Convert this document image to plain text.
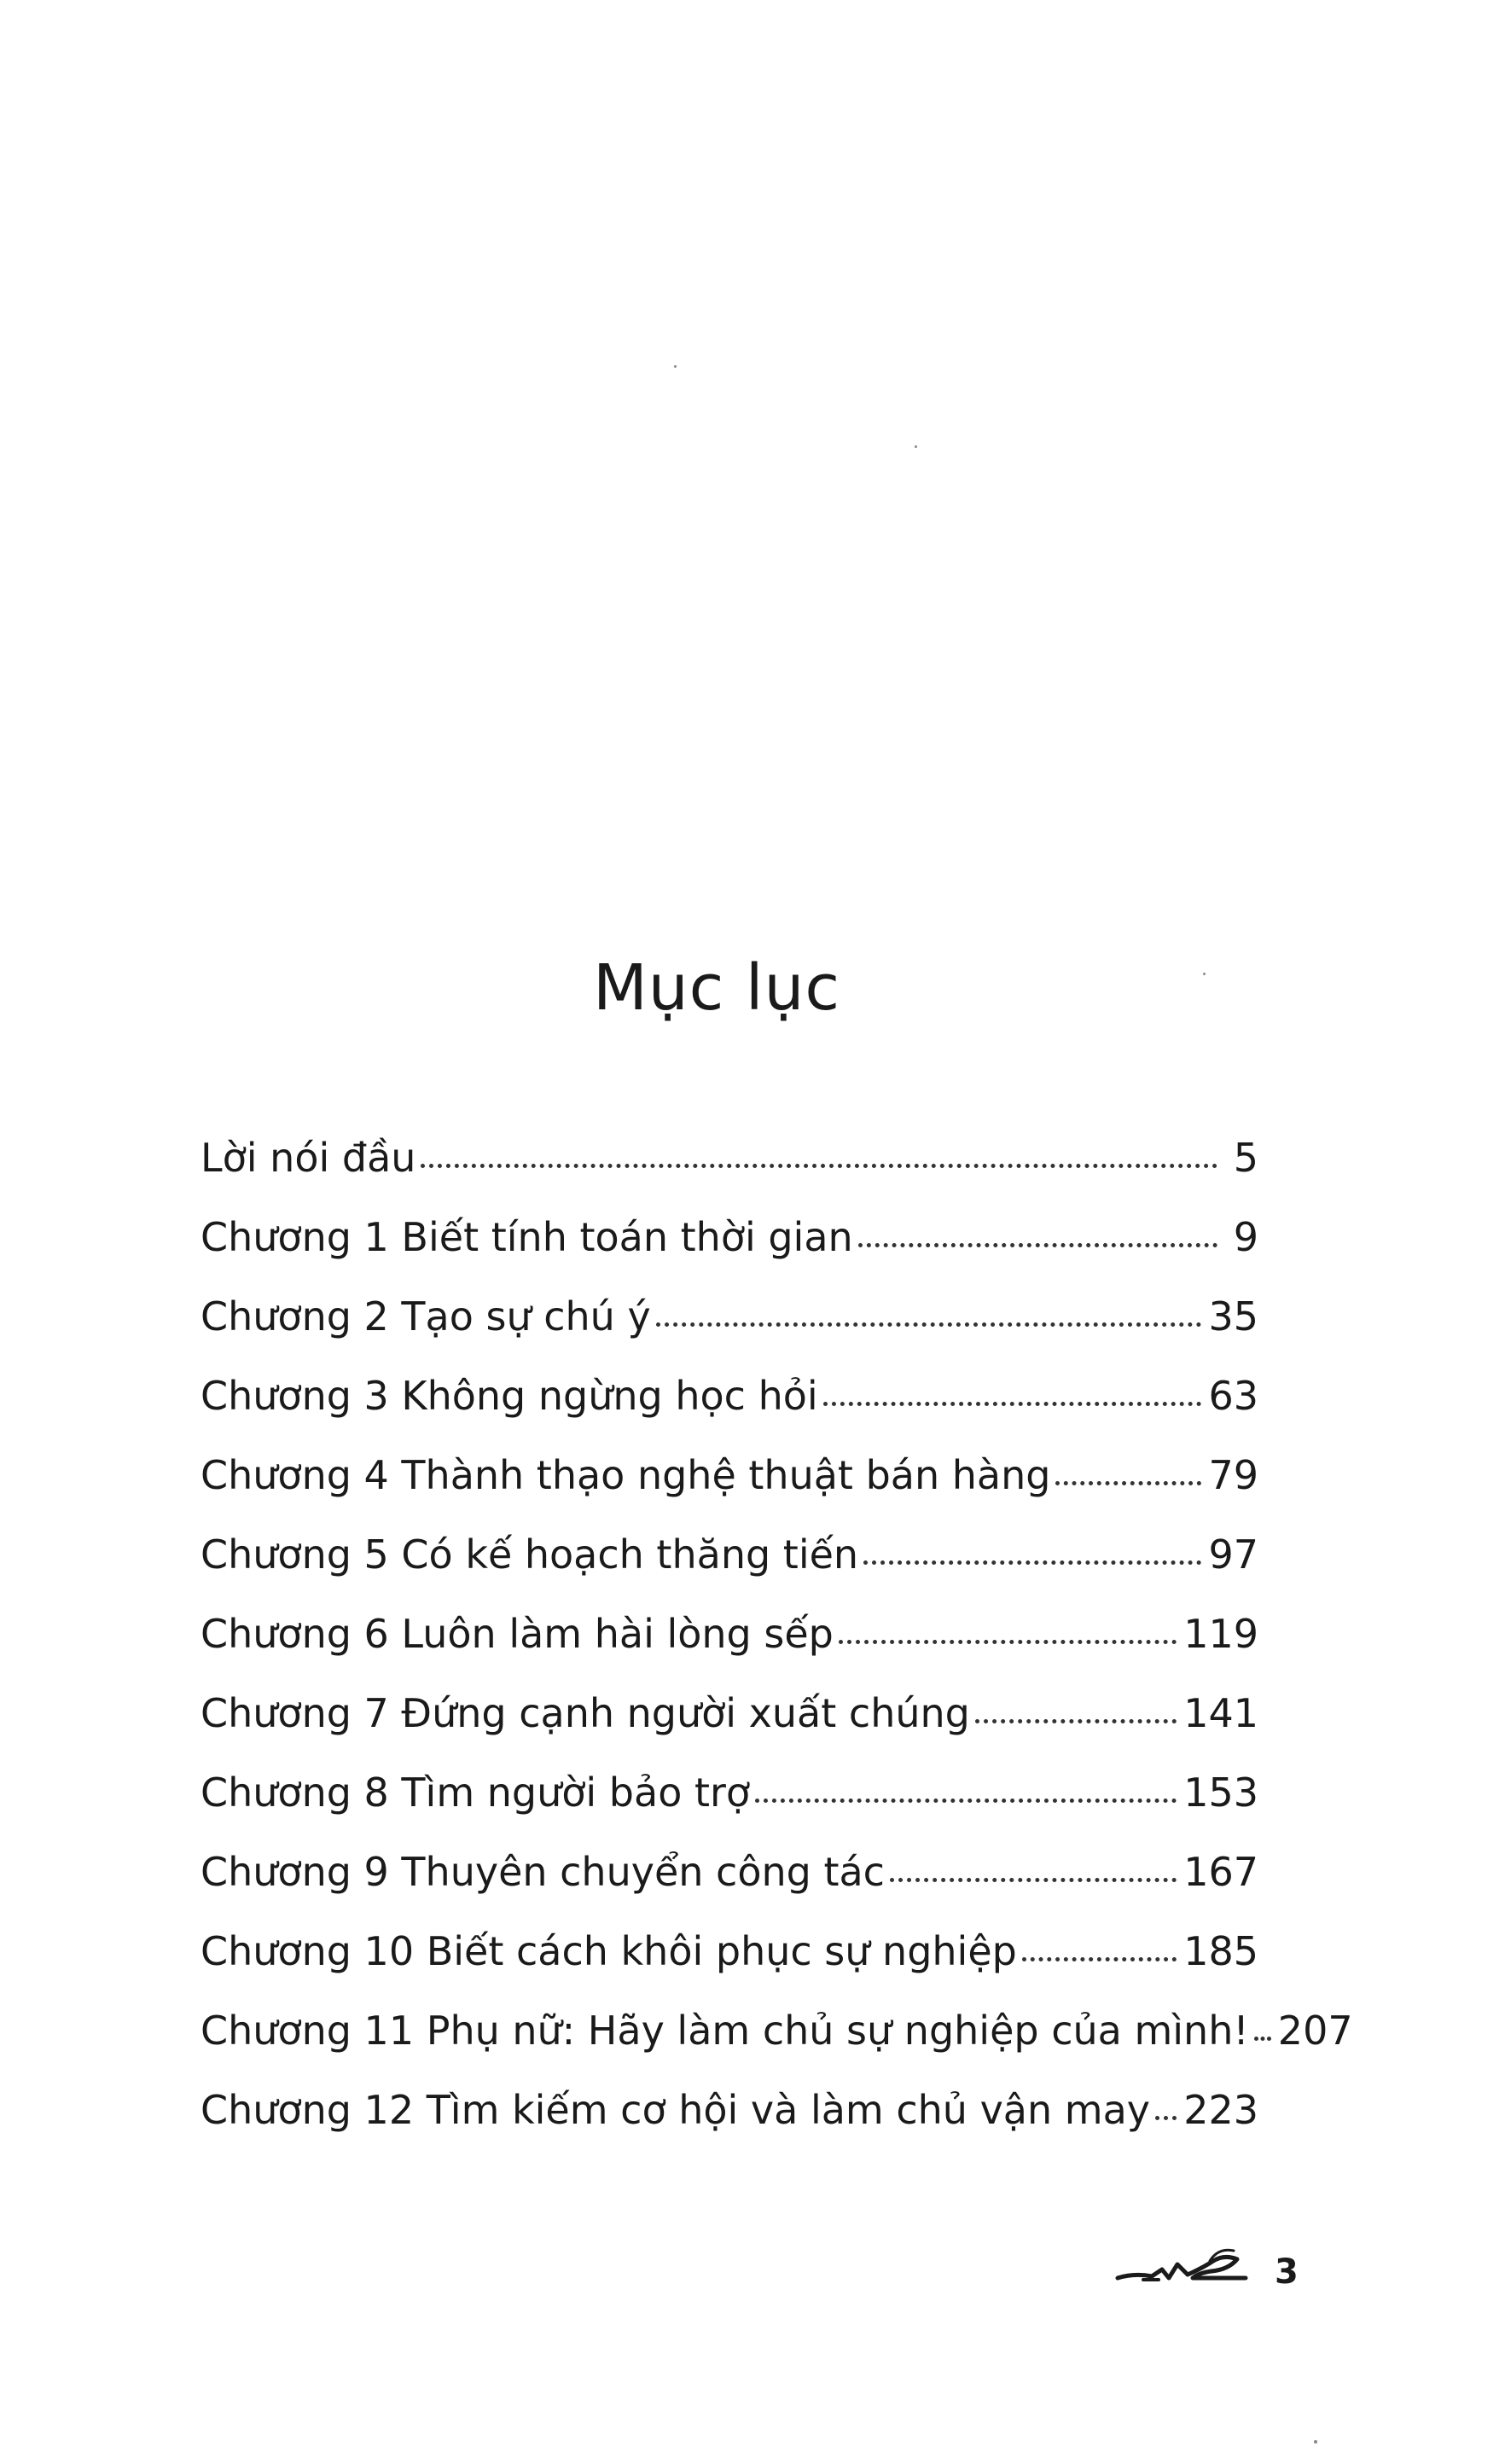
Mục lục
Lời nói đầu	5
Chương 1 Biết tính toán thời gian	9
Chương 2 Tạo sự chú ý	35
Chương 3 Không ngừng học hỏi	63
Chương 4 Thành thạo nghệ thuật bán hàng	79
Chương 5 Có kế hoạch thăng tiến	97
Chương 6 Luôn làm hài lòng sếp	119
Chương 7 Đứng cạnh người xuất chúng	141
Chương 8 Tìm người bảo trợ	153
Chương 9 Thuyên chuyển công tác	167
Chương 10 Biết cách khôi phục sự nghiệp	185
Chương 11 Phụ nữ: Hãy làm chủ sự nghiệp của mình! 207
Chương 12 Tìm kiếm cơ hội và làm chủ vận may 223
3
